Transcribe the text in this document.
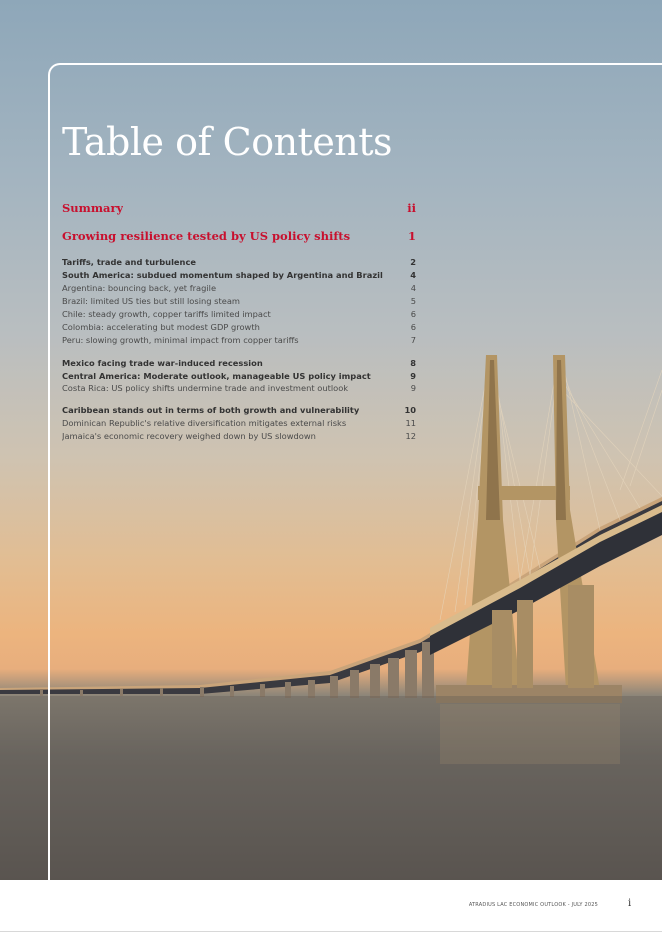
Table of Contents
Summary	ii
Growing resilience tested by US policy shifts	1
Tariffs, trade and turbulence	2
South America: subdued momentum shaped by Argentina and Brazil	4
Argentina: bouncing back, yet fragile	4
Brazil: limited US ties but still losing steam	5
Chile: steady growth, copper tariffs limited impact	6
Colombia: accelerating but modest GDP growth	6
Peru: slowing growth, minimal impact from copper tariffs	7
Mexico facing trade war-induced recession	8
Central America: Moderate outlook, manageable US policy impact	9
Costa Rica: US policy shifts undermine trade and investment outlook	9
Caribbean stands out in terms of both growth and vulnerability	10
Dominican Republic's relative diversification mitigates external risks	11
Jamaica's economic recovery weighed down by US slowdown	12
ATRADIUS LAC ECONOMIC OUTLOOK - JULY 2025	i
